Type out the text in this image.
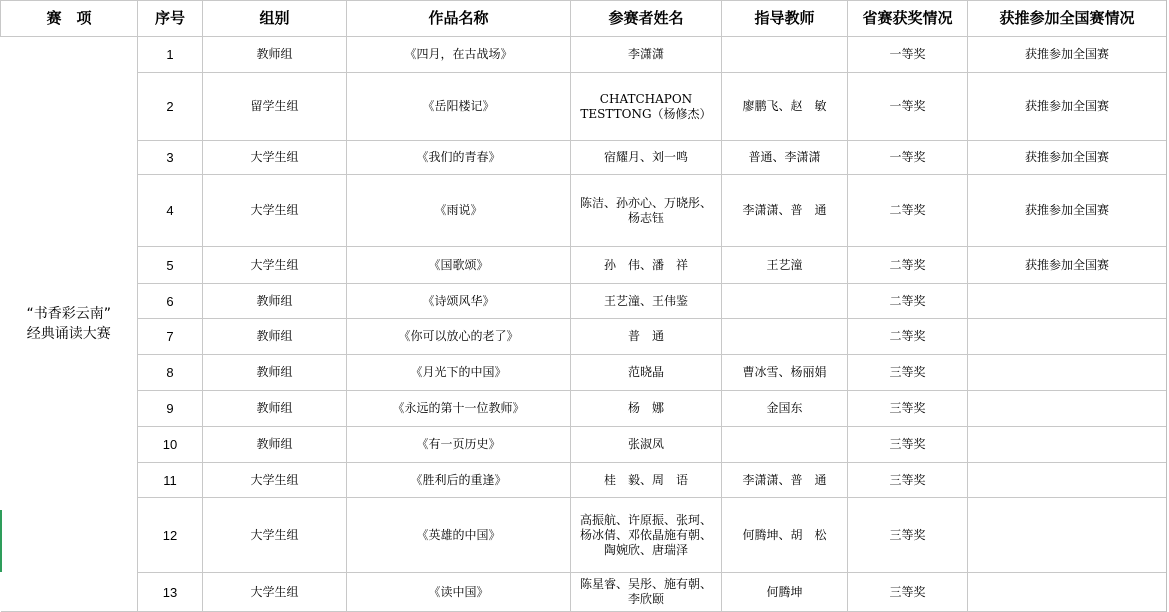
赛　项	序号	组别	作品名称	参赛者姓名	指导教师	省赛获奖情况	获推参加全国赛情况

“书香彩云南”
经典诵读大赛	1	教师组	《四月，在古战场》	李潇潇		一等奖	获推参加全国赛
	2	留学生组	《岳阳楼记》	CHATCHAPON TESTTONG（杨修杰）	廖鹏飞、赵　敏	一等奖	获推参加全国赛
	3	大学生组	《我们的青春》	宿耀月、刘一鸣	普通、李潇潇	一等奖	获推参加全国赛
	4	大学生组	《雨说》	陈洁、孙亦心、万晓彤、杨志钰	李潇潇、普　通	二等奖	获推参加全国赛
	5	大学生组	《国歌颂》	孙　伟、潘　祥	王艺潼	二等奖	获推参加全国赛
	6	教师组	《诗颂风华》	王艺潼、王伟鉴		二等奖	
	7	教师组	《你可以放心的老了》	普　通		二等奖	
	8	教师组	《月光下的中国》	范晓晶	曹冰雪、杨丽娟	三等奖	
	9	教师组	《永远的第十一位教师》	杨　娜	金国东	三等奖	
	10	教师组	《有一页历史》	张淑凤		三等奖	
	11	大学生组	《胜利后的重逢》	桂　毅、周　语	李潇潇、普　通	三等奖	
	12	大学生组	《英雄的中国》	高振航、许原振、张珂、杨冰倩、邓依晶施有朝、陶婉欣、唐瑞泽	何腾坤、胡　松	三等奖	
	13	大学生组	《读中国》	陈星睿、吴彤、施有朝、李欣颐	何腾坤	三等奖	
